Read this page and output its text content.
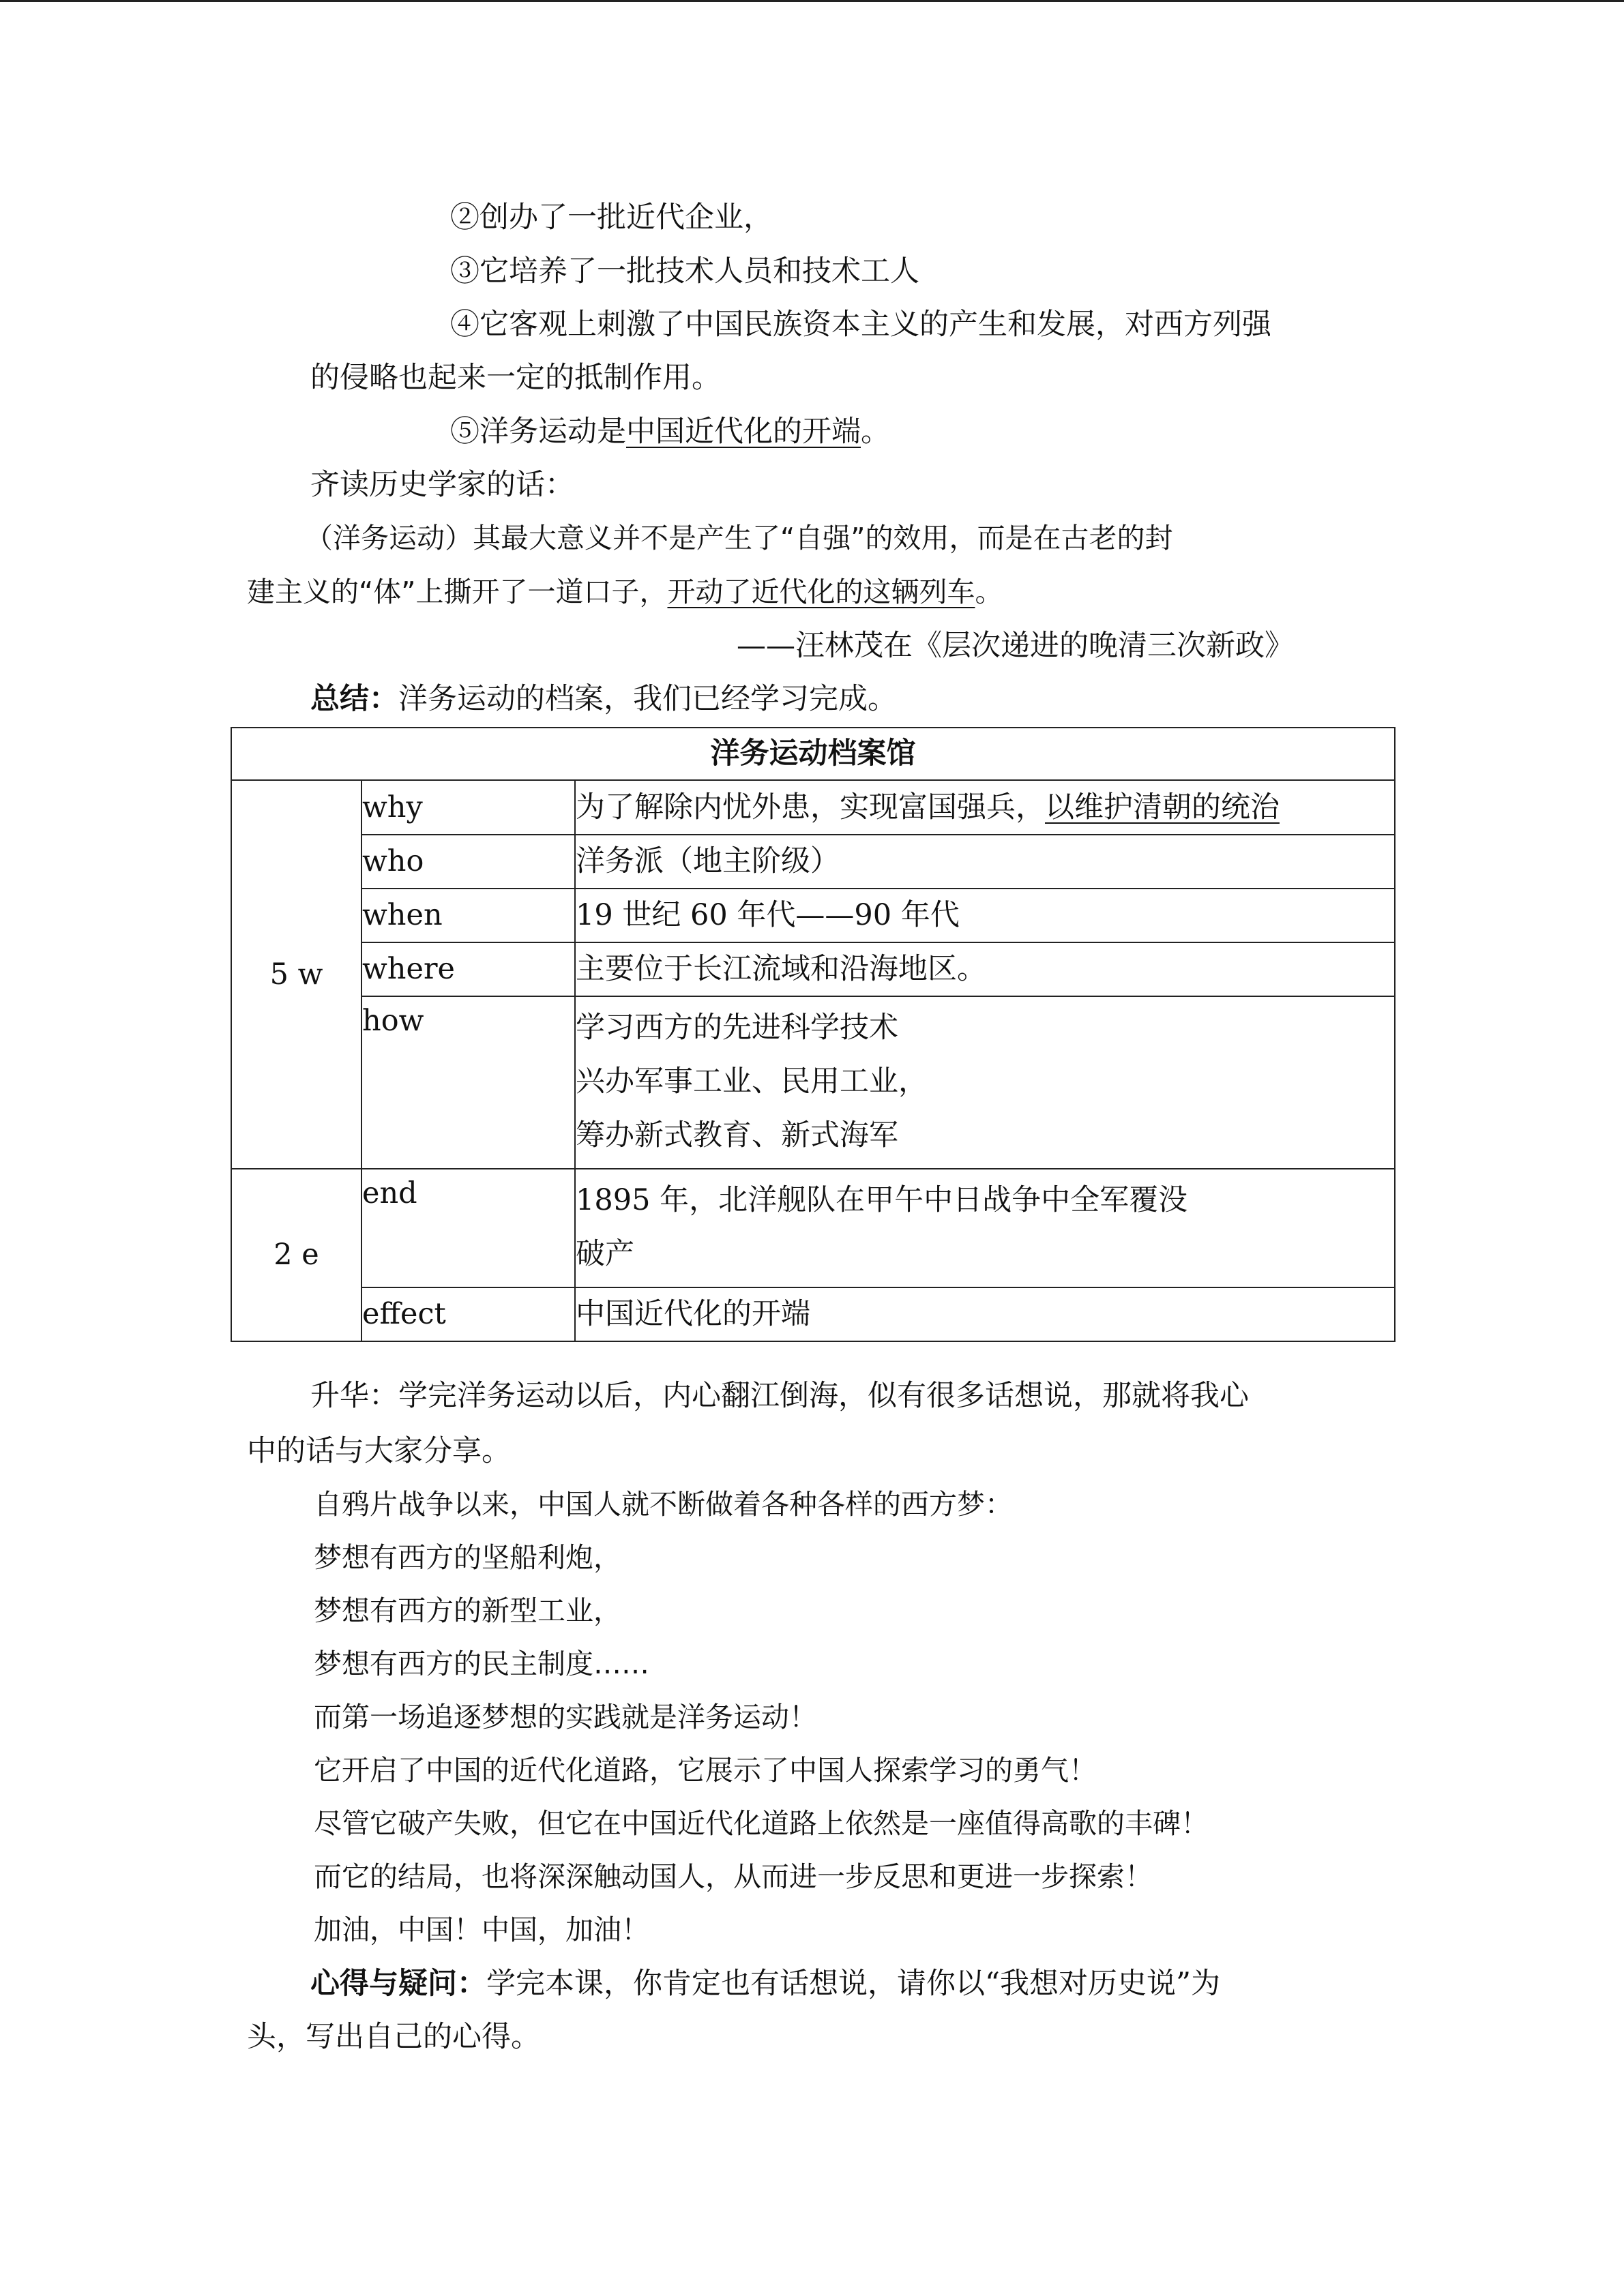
②创办了一批近代企业，
③它培养了一批技术人员和技术工人
④它客观上刺激了中国民族资本主义的产生和发展，对西方列强
的侵略也起来一定的抵制作用。
⑤洋务运动是中国近代化的开端。
齐读历史学家的话：
（洋务运动）其最大意义并不是产生了“自强”的效用，而是在古老的封
建主义的“体”上撕开了一道口子，开动了近代化的这辆列车。
——汪林茂在《层次递进的晚清三次新政》
总结：洋务运动的档案，我们已经学习完成。
洋务运动档案馆		
5 w	why	为了解除内忧外患，实现富国强兵，以维护清朝的统治
	who	洋务派（地主阶级）
	when	19 世纪 60 年代——90 年代
	where	主要位于长江流域和沿海地区。
	how	学习西方的先进科学技术
兴办军事工业、民用工业，
筹办新式教育、新式海军

2 e	end	1895 年，北洋舰队在甲午中日战争中全军覆没
破产

	effect	中国近代化的开端
升华：学完洋务运动以后，内心翻江倒海，似有很多话想说，那就将我心
中的话与大家分享。
自鸦片战争以来，中国人就不断做着各种各样的西方梦：
梦想有西方的坚船利炮，
梦想有西方的新型工业，
梦想有西方的民主制度……
而第一场追逐梦想的实践就是洋务运动！
它开启了中国的近代化道路，它展示了中国人探索学习的勇气！
尽管它破产失败，但它在中国近代化道路上依然是一座值得高歌的丰碑！
而它的结局，也将深深触动国人，从而进一步反思和更进一步探索！
加油，中国！中国，加油！
心得与疑问：学完本课，你肯定也有话想说，请你以“我想对历史说”为
头，写出自己的心得。
